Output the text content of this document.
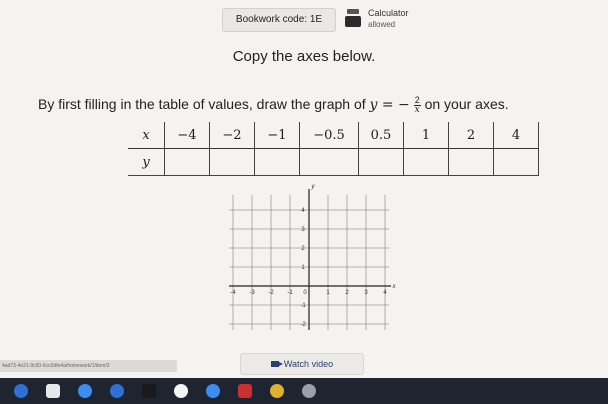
Bookwork code: 1E
Calculator
allowed
Copy the axes below.
By first filling in the table of values, draw the graph of y = − $\frac{2}{x}$ on your axes.
x	−4	−2	−1	−0.5	0.5	1	2	4
y								
-4 -3 -2 -1 0	1	2	3	4
4
3
2
1
-1
-2
x
y
Watch video
4ad73-4e21-9c50-6cc0dfe4a/homework/1/item/3
